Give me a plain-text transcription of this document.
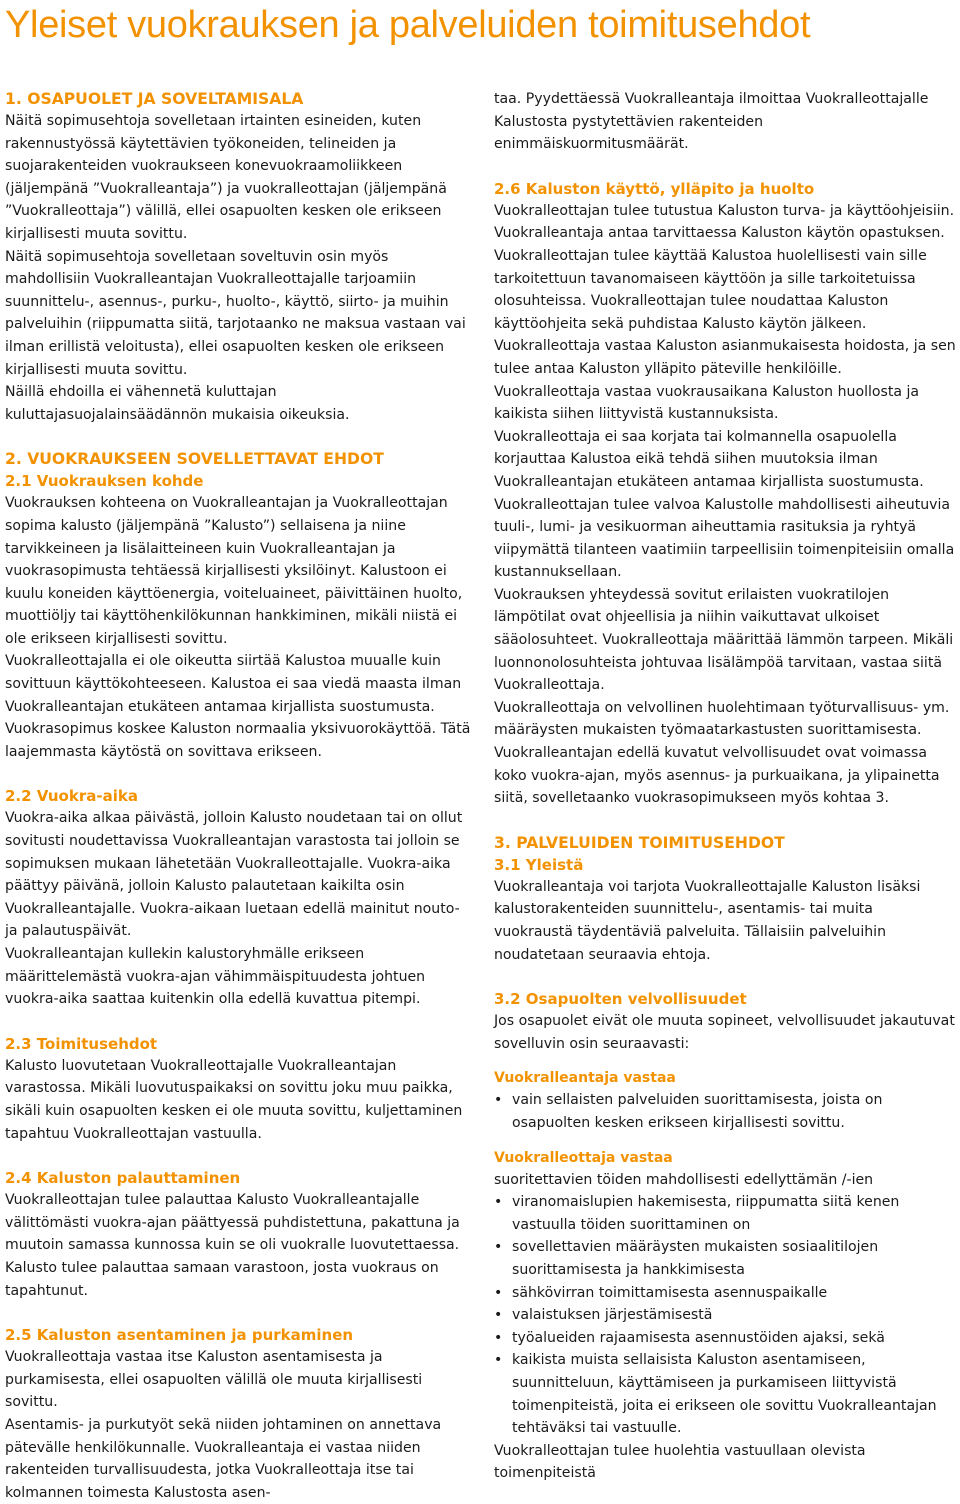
Yleiset vuokrauksen ja palveluiden toimitusehdot
1. OSAPUOLET JA SOVELTAMISALA

Näitä sopimusehtoja sovelletaan irtainten esineiden, kuten rakennustyössä käytettävien työkoneiden, telineiden ja suojarakenteiden vuokraukseen konevuokraamoliikkeen (jäljempänä ”Vuokralleantaja”) ja vuokralleottajan (jäljempänä ”Vuokralleottaja”) välillä, ellei osapuolten kesken ole erikseen kirjallisesti muuta sovittu.

Näitä sopimusehtoja sovelletaan soveltuvin osin myös mahdollisiin Vuokralleantajan Vuokralleottajalle tarjoamiin suunnittelu-, asennus-, purku-, huolto-, käyttö, siirto- ja muihin palveluihin (riippumatta siitä, tarjotaanko ne maksua vastaan vai ilman erillistä veloitusta), ellei osapuolten kesken ole erikseen kirjallisesti muuta sovittu.

Näillä ehdoilla ei vähennetä kuluttajan kuluttajasuojalainsäädännön mukaisia oikeuksia.

2. VUOKRAUKSEEN SOVELLETTAVAT EHDOT
2.1 Vuokrauksen kohde

Vuokrauksen kohteena on Vuokralleantajan ja Vuokralleottajan sopima kalusto (jäljempänä ”Kalusto”) sellaisena ja niine tarvikkeineen ja lisälaitteineen kuin Vuokralleantajan ja vuokrasopimusta tehtäessä kirjallisesti yksilöinyt. Kalustoon ei kuulu koneiden käyttöenergia, voiteluaineet, päivittäinen huolto, muottiöljy tai käyttöhenkilökunnan hankkiminen, mikäli niistä ei ole erikseen kirjallisesti sovittu.

Vuokralleottajalla ei ole oikeutta siirtää Kalustoa muualle kuin sovittuun käyttökohteeseen. Kalustoa ei saa viedä maasta ilman Vuokralleantajan etukäteen antamaa kirjallista suostumusta.

Vuokrasopimus koskee Kaluston normaalia yksivuorokäyttöä. Tätä laajemmasta käytöstä on sovittava erikseen.

2.2 Vuokra-aika

Vuokra-aika alkaa päivästä, jolloin Kalusto noudetaan tai on ollut sovitusti noudettavissa Vuokralleantajan varastosta tai jolloin se sopimuksen mukaan lähetetään Vuokralleottajalle. Vuokra-aika päättyy päivänä, jolloin Kalusto palautetaan kaikilta osin Vuokralleantajalle. Vuokra-aikaan luetaan edellä mainitut nouto- ja palautuspäivät.

Vuokralleantajan kullekin kalustoryhmälle erikseen määrittelemästä vuokra-ajan vähimmäispituudesta johtuen vuokra-aika saattaa kuitenkin olla edellä kuvattua pitempi.

2.3 Toimitusehdot

Kalusto luovutetaan Vuokralleottajalle Vuokralleantajan varastossa. Mikäli luovutuspaikaksi on sovittu joku muu paikka, sikäli kuin osapuolten kesken ei ole muuta sovittu, kuljettaminen tapahtuu Vuokralleottajan vastuulla.

2.4 Kaluston palauttaminen

Vuokralleottajan tulee palauttaa Kalusto Vuokralleantajalle välittömästi vuokra-ajan päättyessä puhdistettuna, pakattuna ja muutoin samassa kunnossa kuin se oli vuokralle luovutettaessa. Kalusto tulee palauttaa samaan varastoon, josta vuokraus on tapahtunut.

2.5 Kaluston asentaminen ja purkaminen

Vuokralleottaja vastaa itse Kaluston asentamisesta ja purkamisesta, ellei osapuolten välillä ole muuta kirjallisesti sovittu.

Asentamis- ja purkutyöt sekä niiden johtaminen on annettava pätevälle henkilökunnalle. Vuokralleantaja ei vastaa niiden rakenteiden turvallisuudesta, jotka Vuokralleottaja itse tai kolmannen toimesta Kalustosta asen-

taa. Pyydettäessä Vuokralleantaja ilmoittaa Vuokralleottajalle Kalustosta pystytettävien rakenteiden enimmäiskuormitusmäärät.

2.6 Kaluston käyttö, ylläpito ja huolto

Vuokralleottajan tulee tutustua Kaluston turva- ja käyttöohjeisiin. Vuokralleantaja antaa tarvittaessa Kaluston käytön opastuksen.

Vuokralleottajan tulee käyttää Kalustoa huolellisesti vain sille tarkoitettuun tavanomaiseen käyttöön ja sille tarkoitetuissa olosuhteissa. Vuokralleottajan tulee noudattaa Kaluston käyttöohjeita sekä puhdistaa Kalusto käytön jälkeen.

Vuokralleottaja vastaa Kaluston asianmukaisesta hoidosta, ja sen tulee antaa Kaluston ylläpito päteville henkilöille.

Vuokralleottaja vastaa vuokrausaikana Kaluston huollosta ja kaikista siihen liittyvistä kustannuksista.

Vuokralleottaja ei saa korjata tai kolmannella osapuolella korjauttaa Kalustoa eikä tehdä siihen muutoksia ilman Vuokralleantajan etukäteen antamaa kirjallista suostumusta.

Vuokralleottajan tulee valvoa Kalustolle mahdollisesti aiheutuvia tuuli-, lumi- ja vesikuorman aiheuttamia rasituksia ja ryhtyä viipymättä tilanteen vaatimiin tarpeellisiin toimenpiteisiin omalla kustannuksellaan.

Vuokrauksen yhteydessä sovitut erilaisten vuokratilojen lämpötilat ovat ohjeellisia ja niihin vaikuttavat ulkoiset sääolosuhteet. Vuokralleottaja määrittää lämmön tarpeen. Mikäli luonnonolosuhteista johtuvaa lisälämpöä tarvitaan, vastaa siitä Vuokralleottaja.

Vuokralleottaja on velvollinen huolehtimaan työturvallisuus- ym. määräysten mukaisten työmaatarkastusten suorittamisesta.

Vuokralleantajan edellä kuvatut velvollisuudet ovat voimassa koko vuokra-ajan, myös asennus- ja purkuaikana, ja ylipainetta siitä, sovelletaanko vuokrasopimukseen myös kohtaa 3.

3. PALVELUIDEN TOIMITUSEHDOT
3.1 Yleistä

Vuokralleantaja voi tarjota Vuokralleottajalle Kaluston lisäksi kalustorakenteiden suunnittelu-, asentamis- tai muita vuokraustä täydentäviä palveluita. Tällaisiin palveluihin noudatetaan seuraavia ehtoja.

3.2 Osapuolten velvollisuudet

Jos osapuolet eivät ole muuta sopineet, velvollisuudet jakautuvat sovelluvin osin seuraavasti:

Vuokralleantaja vastaa
• vain sellaisten palveluiden suorittamisesta, joista on osapuolten kesken erikseen kirjallisesti sovittu.
Vuokralleottaja vastaa

suoritettavien töiden mahdollisesti edellyttämän /-ien

• viranomaislupien hakemisesta, riippumatta siitä kenen vastuulla töiden suorittaminen on
• sovellettavien määräysten mukaisten sosiaalitilojen suorittamisesta ja hankkimisesta
• sähkövirran toimittamisesta asennuspaikalle
• valaistuksen järjestämisestä
• työalueiden rajaamisesta asennustöiden ajaksi, sekä
• kaikista muista sellaisista Kaluston asentamiseen, suunnitteluun, käyttämiseen ja purkamiseen liittyvistä toimenpiteistä, joita ei erikseen ole sovittu Vuokralleantajan tehtäväksi tai vastuulle.

Vuokralleottajan tulee huolehtia vastuullaan olevista toimenpiteistä
